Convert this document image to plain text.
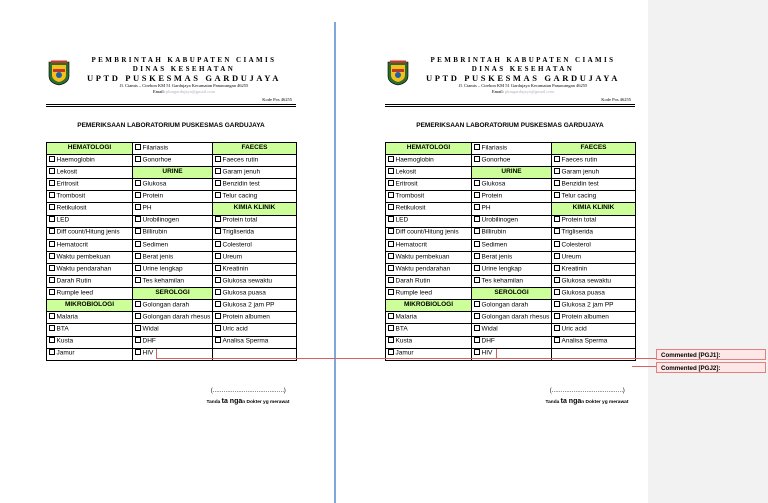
PEMBRINTAH KABUPATEN CIAMIS
DINAS KESEHATAN
UPTD PUSKESMAS GARDUJAYA
Jl. Ciamis – Cirebon KM 51 Gardujaya Kecamatan Panawangan 46255
Email: pkmgardujaya@gmail.com
Kode Pos 46255
PEMERIKSAAN LABORATORIUM PUSKESMAS GARDUJAYA
HEMATOLOGI	Filariasis	FAECES
Haemoglobin	Gonorhoe	Faeces rutin
Lekosit	URINE	Garam jenuh
Eritrosit	Glukosa	Benzidin test
Trombosit	Protein	Telur cacing
Retikulosit	PH	KIMIA KLINIK
LED	Urobilinogen	Protein total
Diff count/Hitung jenis	Billirubin	Trigliserida
Hematocrit	Sedimen	Colesterol
Waktu pembekuan	Berat jenis	Ureum
Waktu pendarahan	Urine lengkap	Kreatinin
Darah Rutin	Tes kehamilan	Glukosa sewaktu
Rumple leed	SEROLOGI	Glukosa puasa
MIKROBIOLOGI	Golongan darah	Glukosa 2 jam PP
Malaria	Golongan darah rhesus	Protein albumen
BTA	Widal	Uric acid
Kusta	DHF	Analisa Sperma
Jamur	HIV	
(…………………………………)
Tanda ta ngan Dokter yg merawat
PEMBRINTAH KABUPATEN CIAMIS
DINAS KESEHATAN
UPTD PUSKESMAS GARDUJAYA
Jl. Ciamis – Cirebon KM 51 Gardujaya Kecamatan Panawangan 46255
Email: pkmgardujaya@gmail.com
Kode Pos 46255
PEMERIKSAAN LABORATORIUM PUSKESMAS GARDUJAYA
HEMATOLOGI	Filariasis	FAECES
Haemoglobin	Gonorhoe	Faeces rutin
Lekosit	URINE	Garam jenuh
Eritrosit	Glukosa	Benzidin test
Trombosit	Protein	Telur cacing
Retikulosit	PH	KIMIA KLINIK
LED	Urobilinogen	Protein total
Diff count/Hitung jenis	Billirubin	Trigliserida
Hematocrit	Sedimen	Colesterol
Waktu pembekuan	Berat jenis	Ureum
Waktu pendarahan	Urine lengkap	Kreatinin
Darah Rutin	Tes kehamilan	Glukosa sewaktu
Rumple leed	SEROLOGI	Glukosa puasa
MIKROBIOLOGI	Golongan darah	Glukosa 2 jam PP
Malaria	Golongan darah rhesus	Protein albumen
BTA	Widal	Uric acid
Kusta	DHF	Analisa Sperma
Jamur	HIV	
(…………………………………)
Tanda ta ngan Dokter yg merawat
Commented [PGJ1]:
Commented [PGJ2]:
